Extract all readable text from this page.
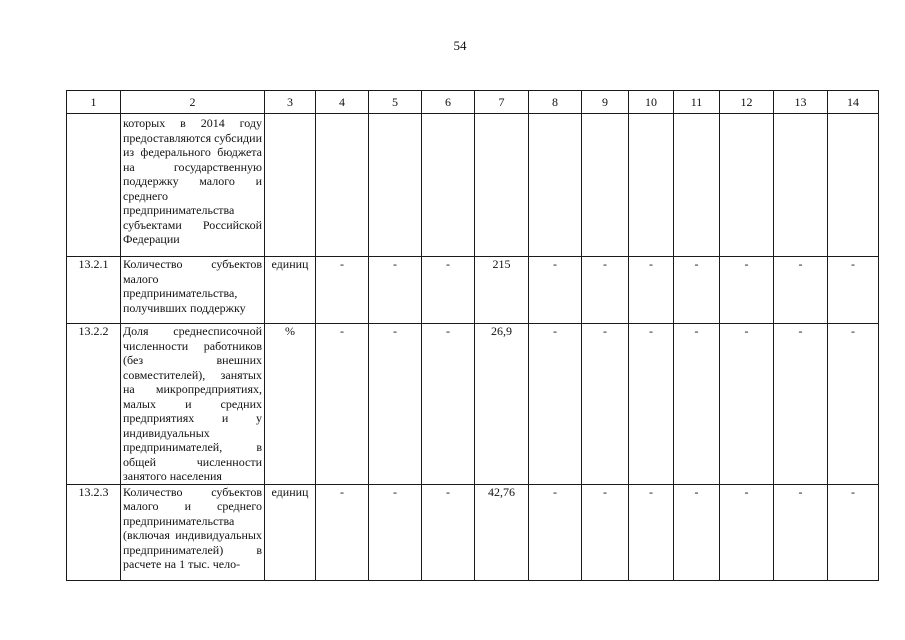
54
1	2	3	4	5	6	7	8	9	10	11	12	13	14
	которых в 2014 году предоставляются субсидии из федерального бюджета на государственную поддержку малого и среднего предпринимательства субъектами Российской Федерации												
13.2.1	Количество субъектов малого предпринимательства, получивших поддержку	единиц	-	-	-	215	-	-	-	-	-	-	-
13.2.2	Доля среднесписочной численности работников (без внешних совместителей), занятых на микропредприятиях, малых и средних предприятиях и у индивидуальных предпринимателей, в общей численности занятого населения	%	-	-	-	26,9	-	-	-	-	-	-	-
13.2.3	Количество субъектов малого и среднего предпринимательства (включая индивидуальных предпринимателей) в расчете на 1 тыс. чело-	единиц	-	-	-	42,76	-	-	-	-	-	-	-
